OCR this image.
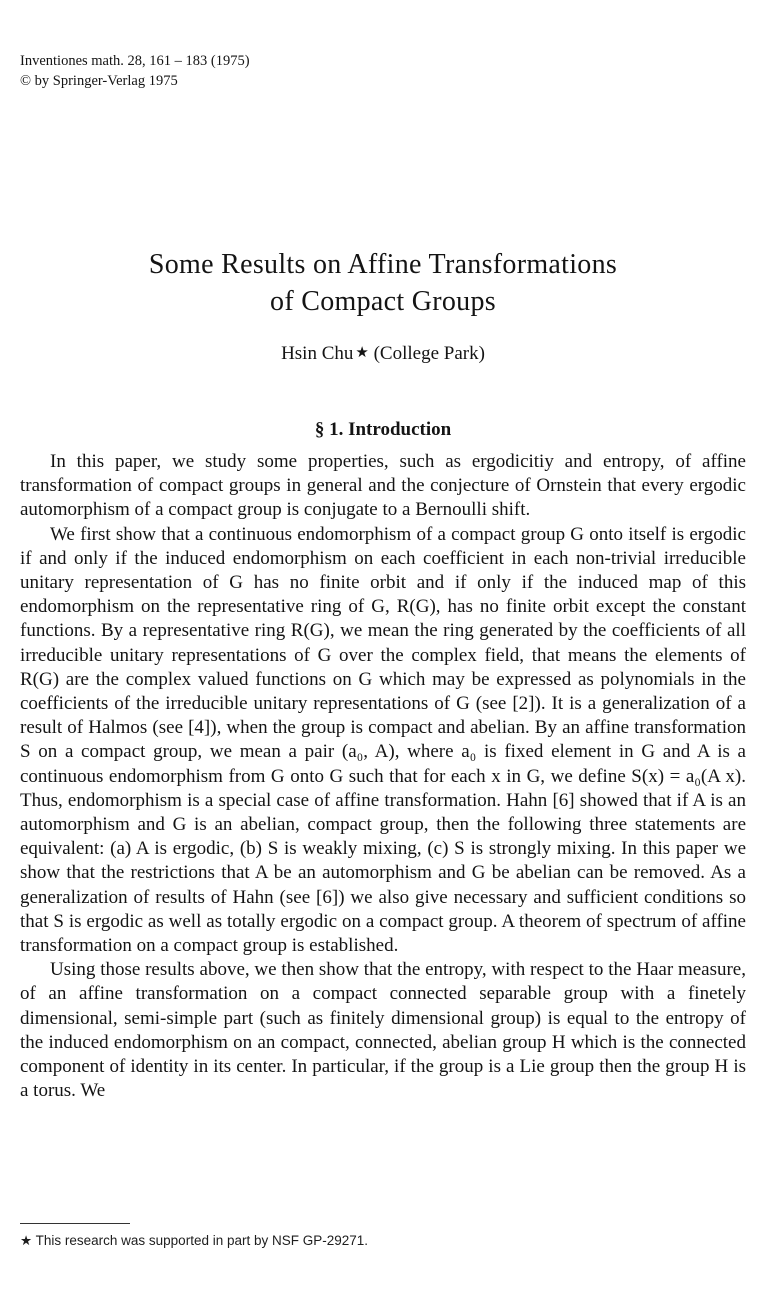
Inventiones math. 28, 161 – 183 (1975)
© by Springer-Verlag 1975
Some Results on Affine Transformations
of Compact Groups
Hsin Chu ★ (College Park)
§ 1. Introduction

In this paper, we study some properties, such as ergodicitiy and entropy, of affine transformation of compact groups in general and the conjecture of Ornstein that every ergodic automorphism of a compact group is conjugate to a Bernoulli shift.

We first show that a continuous endomorphism of a compact group G onto itself is ergodic if and only if the induced endomorphism on each coefficient in each non-trivial irreducible unitary representation of G has no finite orbit and if only if the induced map of this endomorphism on the representative ring of G, R(G), has no finite orbit except the constant functions. By a representative ring R(G), we mean the ring generated by the coefficients of all irreducible unitary representations of G over the complex field, that means the elements of R(G) are the complex valued functions on G which may be expressed as polynomials in the coefficients of the irreducible unitary representations of G (see [2]). It is a generalization of a result of Halmos (see [4]), when the group is compact and abelian. By an affine transformation S on a compact group, we mean a pair (a₀, A), where a₀ is fixed element in G and A is a continuous endomorphism from G onto G such that for each x in G, we define S(x) = a₀(A x). Thus, endomorphism is a special case of affine transformation. Hahn [6] showed that if A is an automorphism and G is an abelian, compact group, then the following three statements are equivalent: (a) A is ergodic, (b) S is weakly mixing, (c) S is strongly mixing. In this paper we show that the restrictions that A be an automorphism and G be abelian can be removed. As a generalization of results of Hahn (see [6]) we also give necessary and sufficient conditions so that S is ergodic as well as totally ergodic on a compact group. A theorem of spectrum of affine transformation on a compact group is established.

Using those results above, we then show that the entropy, with respect to the Haar measure, of an affine transformation on a compact connected separable group with a finetely dimensional, semi-simple part (such as finitely dimensional group) is equal to the entropy of the induced endomorphism on an compact, connected, abelian group H which is the connected component of identity in its center. In particular, if the group is a Lie group then the group H is a torus. We

★ This research was supported in part by NSF GP-29271.
